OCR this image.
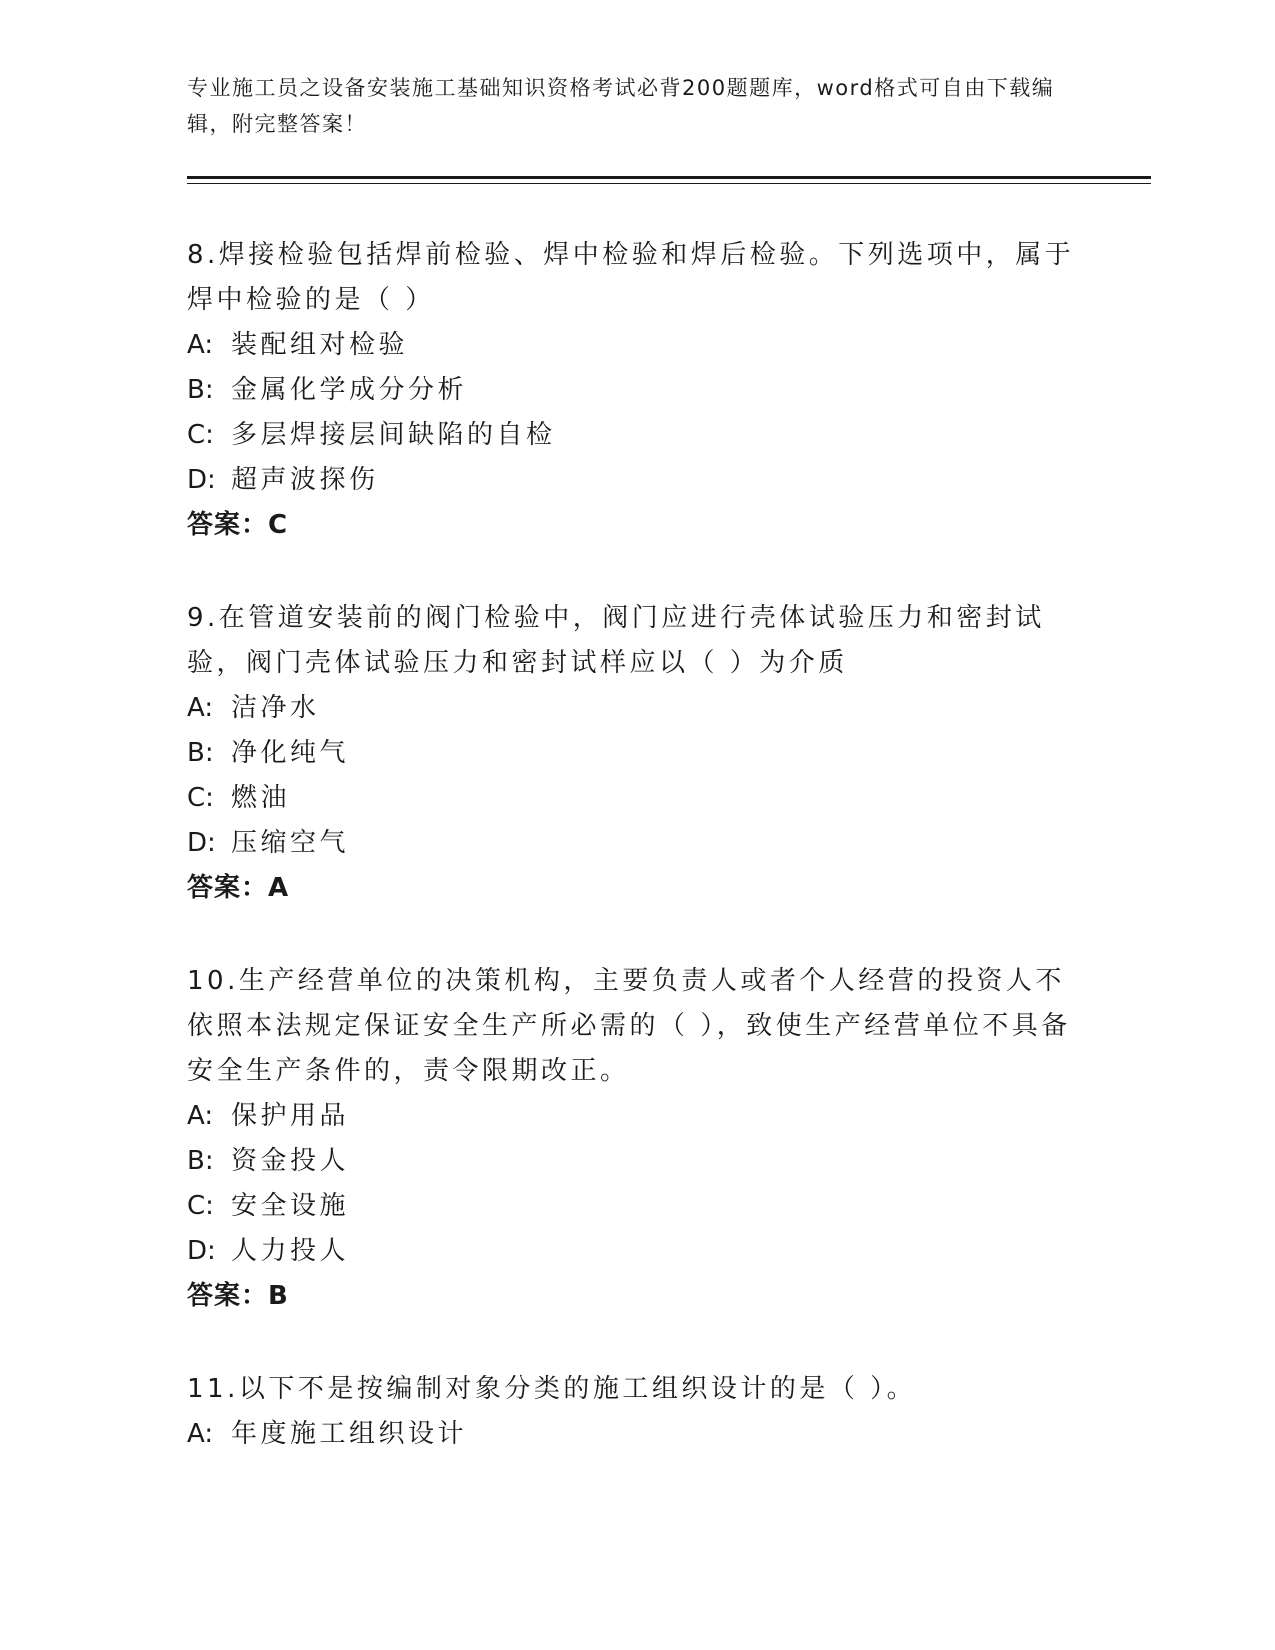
专业施工员之设备安装施工基础知识资格考试必背200题题库，word格式可自由下载编辑，附完整答案！

8.焊接检验包括焊前检验、焊中检验和焊后检验。下列选项中，属于焊中检验的是（ ）

A: 装配组对检验

B: 金属化学成分分析

C: 多层焊接层间缺陷的自检

D: 超声波探伤

答案：C

9.在管道安装前的阀门检验中，阀门应进行壳体试验压力和密封试验，阀门壳体试验压力和密封试样应以（ ）为介质

A: 洁净水

B: 净化纯气

C: 燃油

D: 压缩空气

答案：A

10.生产经营单位的决策机构，主要负责人或者个人经营的投资人不依照本法规定保证安全生产所必需的（ ），致使生产经营单位不具备安全生产条件的，责令限期改正。

A: 保护用品

B: 资金投人

C: 安全设施

D: 人力投人

答案：B

11.以下不是按编制对象分类的施工组织设计的是（ ）。

A: 年度施工组织设计
